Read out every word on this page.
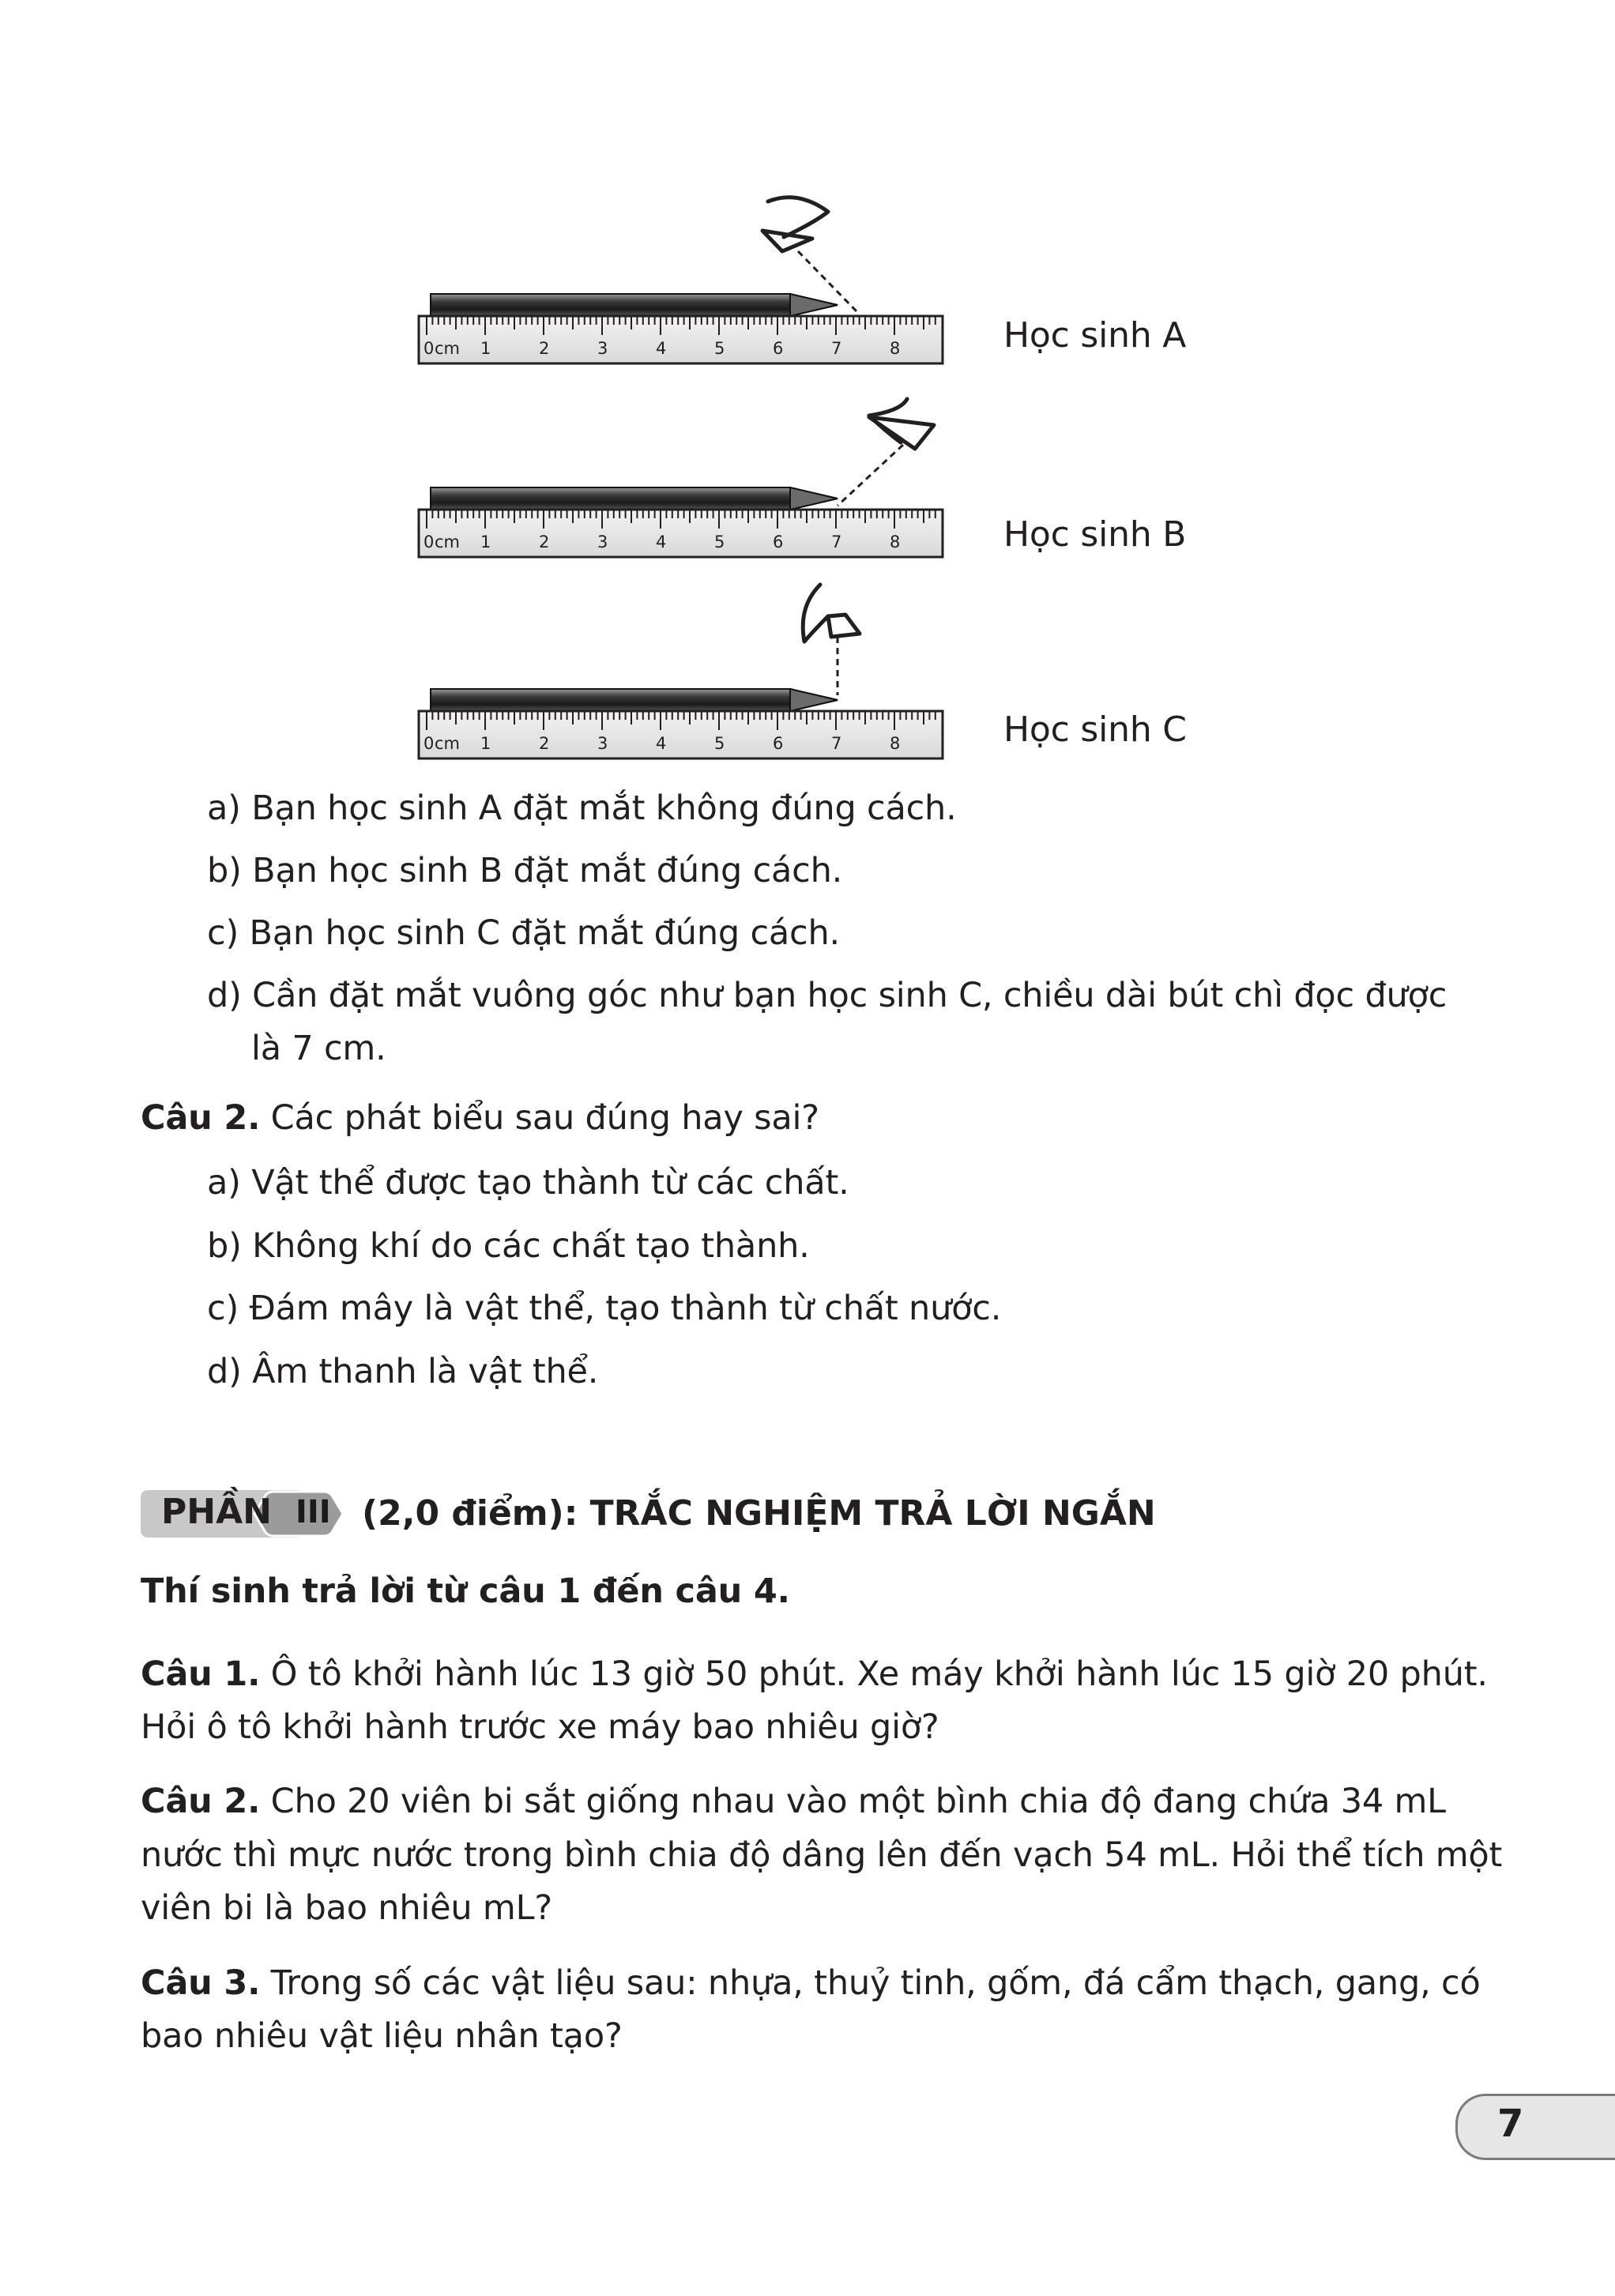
0	1	2	3	4	5	6	7	8
cm
0	1	2	3	4	5	6	7	8
cm
0	1	2	3	4	5	6	7	8
cm
Học sinh A
Học sinh B
Học sinh C
a) Bạn học sinh A đặt mắt không đúng cách.
b) Bạn học sinh B đặt mắt đúng cách.
c) Bạn học sinh C đặt mắt đúng cách.
d) Cần đặt mắt vuông góc như bạn học sinh C, chiều dài bút chì đọc được
là 7 cm.
Câu 2. Các phát biểu sau đúng hay sai?
a) Vật thể được tạo thành từ các chất.
b) Không khí do các chất tạo thành.
c) Đám mây là vật thể, tạo thành từ chất nước.
d) Âm thanh là vật thể.
PHẦN III (2,0 điểm): TRẮC NGHIỆM TRẢ LỜI NGẮN
Thí sinh trả lời từ câu 1 đến câu 4.
Câu 1. Ô tô khởi hành lúc 13 giờ 50 phút. Xe máy khởi hành lúc 15 giờ 20 phút.
Hỏi ô tô khởi hành trước xe máy bao nhiêu giờ?
Câu 2. Cho 20 viên bi sắt giống nhau vào một bình chia độ đang chứa 34 mL
nước thì mực nước trong bình chia độ dâng lên đến vạch 54 mL. Hỏi thể tích một
viên bi là bao nhiêu mL?
Câu 3. Trong số các vật liệu sau: nhựa, thuỷ tinh, gốm, đá cẩm thạch, gang, có
bao nhiêu vật liệu nhân tạo?
7
